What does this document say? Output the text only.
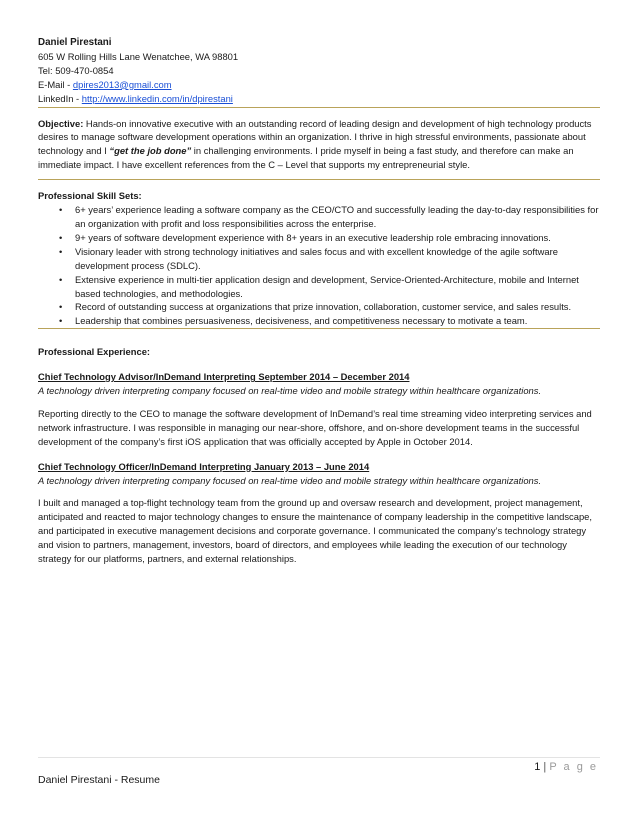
Daniel Pirestani
605 W Rolling Hills Lane Wenatchee, WA 98801
Tel: 509-470-0854
E-Mail - dpires2013@gmail.com
LinkedIn - http://www.linkedin.com/in/dpirestani
Objective: Hands-on innovative executive with an outstanding record of leading design and development of high technology products desires to manage software development operations within an organization. I thrive in high stressful environments, passionate about technology and I “get the job done” in challenging environments. I pride myself in being a fast study, and therefore can make an immediate impact. I have excellent references from the C – Level that supports my entrepreneurial style.
Professional Skill Sets:
• 6+ years’ experience leading a software company as the CEO/CTO and successfully leading the day-to-day responsibilities for an organization with profit and loss responsibilities across the enterprise.
• 9+ years of software development experience with 8+ years in an executive leadership role embracing innovations.
• Visionary leader with strong technology initiatives and sales focus and with excellent knowledge of the agile software development process (SDLC).
• Extensive experience in multi-tier application design and development, Service-Oriented-Architecture, mobile and Internet based technologies, and methodologies.
• Record of outstanding success at organizations that prize innovation, collaboration, customer service, and sales results.
• Leadership that combines persuasiveness, decisiveness, and competitiveness necessary to motivate a team.
Professional Experience:
Chief Technology Advisor/InDemand Interpreting September 2014 – December 2014
A technology driven interpreting company focused on real-time video and mobile strategy within healthcare organizations.
Reporting directly to the CEO to manage the software development of InDemand’s real time streaming video interpreting services and network infrastructure. I was responsible in managing our near-shore, offshore, and on-shore development teams in the successful development of the company’s first iOS application that was officially accepted by Apple in October 2014.
Chief Technology Officer/InDemand Interpreting January 2013 – June 2014
A technology driven interpreting company focused on real-time video and mobile strategy within healthcare organizations.
I built and managed a top-flight technology team from the ground up and oversaw research and development, project management, anticipated and reacted to major technology changes to ensure the maintenance of company leadership in the competitive landscape, and participated in executive management decisions and corporate governance. I communicated the company’s technology strategy and vision to partners, management, investors, board of directors, and employees while leading the execution of our technology strategy for our platforms, partners, and external relationships.
1 | P a g e
Daniel Pirestani - Resume
